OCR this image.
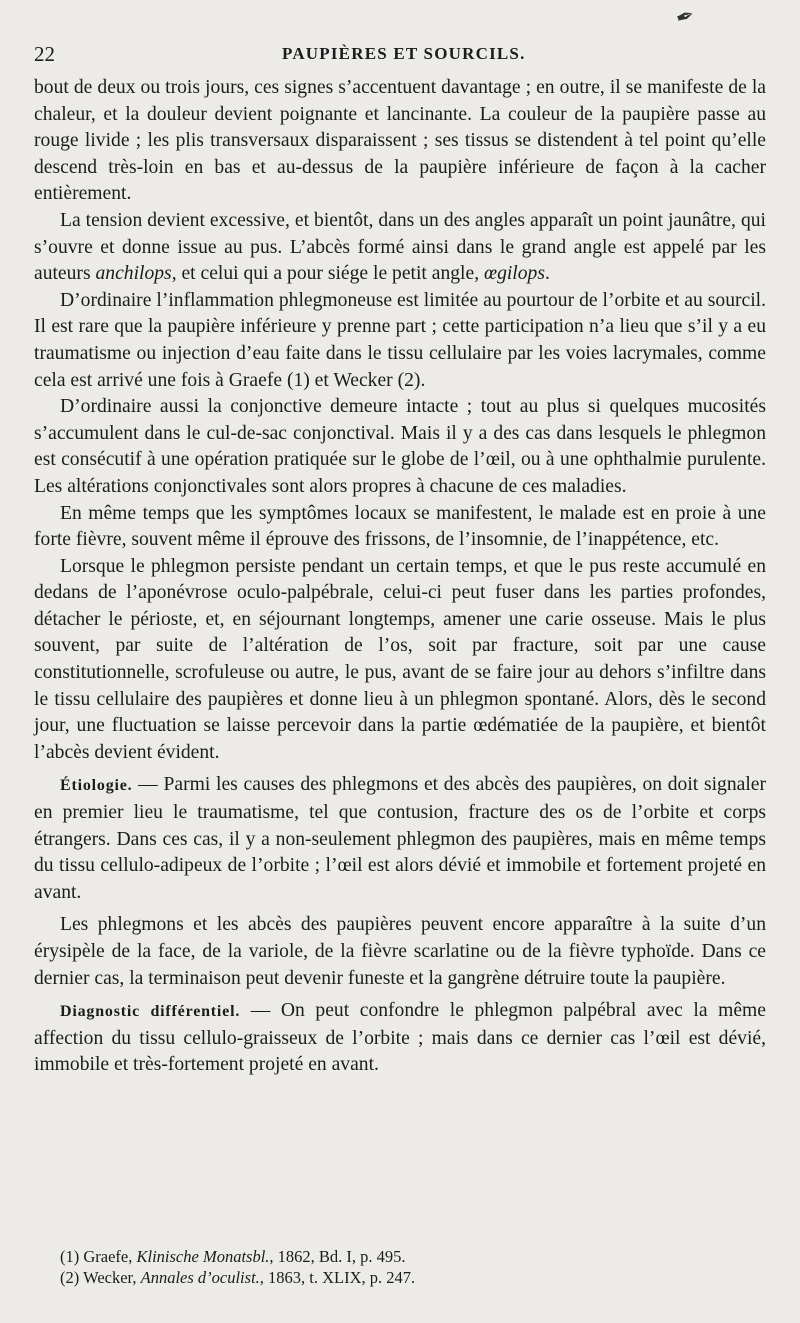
✒
22	PAUPIÈRES ET SOURCILS.

bout de deux ou trois jours, ces signes s’accentuent davantage ; en outre, il se manifeste de la chaleur, et la douleur devient poignante et lancinante. La couleur de la paupière passe au rouge livide ; les plis transversaux disparaissent ; ses tissus se distendent à tel point qu’elle descend très-loin en bas et au-dessus de la paupière inférieure de façon à la cacher entièrement.

La tension devient excessive, et bientôt, dans un des angles apparaît un point jaunâtre, qui s’ouvre et donne issue au pus. L’abcès formé ainsi dans le grand angle est appelé par les auteurs anchilops, et celui qui a pour siége le petit angle, œgilops.

D’ordinaire l’inflammation phlegmoneuse est limitée au pourtour de l’orbite et au sourcil. Il est rare que la paupière inférieure y prenne part ; cette participation n’a lieu que s’il y a eu traumatisme ou injection d’eau faite dans le tissu cellulaire par les voies lacrymales, comme cela est arrivé une fois à Graefe (1) et Wecker (2).

D’ordinaire aussi la conjonctive demeure intacte ; tout au plus si quelques mucosités s’accumulent dans le cul-de-sac conjonctival. Mais il y a des cas dans lesquels le phlegmon est consécutif à une opération pratiquée sur le globe de l’œil, ou à une ophthalmie purulente. Les altérations conjonctivales sont alors propres à chacune de ces maladies.

En même temps que les symptômes locaux se manifestent, le malade est en proie à une forte fièvre, souvent même il éprouve des frissons, de l’insomnie, de l’inappétence, etc.

Lorsque le phlegmon persiste pendant un certain temps, et que le pus reste accumulé en dedans de l’aponévrose oculo-palpébrale, celui-ci peut fuser dans les parties profondes, détacher le périoste, et, en séjournant longtemps, amener une carie osseuse. Mais le plus souvent, par suite de l’altération de l’os, soit par fracture, soit par une cause constitutionnelle, scrofuleuse ou autre, le pus, avant de se faire jour au dehors s’infiltre dans le tissu cellulaire des paupières et donne lieu à un phlegmon spontané. Alors, dès le second jour, une fluctuation se laisse percevoir dans la partie œdématiée de la paupière, et bientôt l’abcès devient évident.

Étiologie. — Parmi les causes des phlegmons et des abcès des paupières, on doit signaler en premier lieu le traumatisme, tel que contusion, fracture des os de l’orbite et corps étrangers. Dans ces cas, il y a non-seulement phlegmon des paupières, mais en même temps du tissu cellulo-adipeux de l’orbite ; l’œil est alors dévié et immobile et fortement projeté en avant.

Les phlegmons et les abcès des paupières peuvent encore apparaître à la suite d’un érysipèle de la face, de la variole, de la fièvre scarlatine ou de la fièvre typhoïde. Dans ce dernier cas, la terminaison peut devenir funeste et la gangrène détruire toute la paupière.

Diagnostic différentiel. — On peut confondre le phlegmon palpébral avec la même affection du tissu cellulo-graisseux de l’orbite ; mais dans ce dernier cas l’œil est dévié, immobile et très-fortement projeté en avant.

(1) Graefe, Klinische Monatsbl., 1862, Bd. I, p. 495.

(2) Wecker, Annales d’oculist., 1863, t. XLIX, p. 247.
